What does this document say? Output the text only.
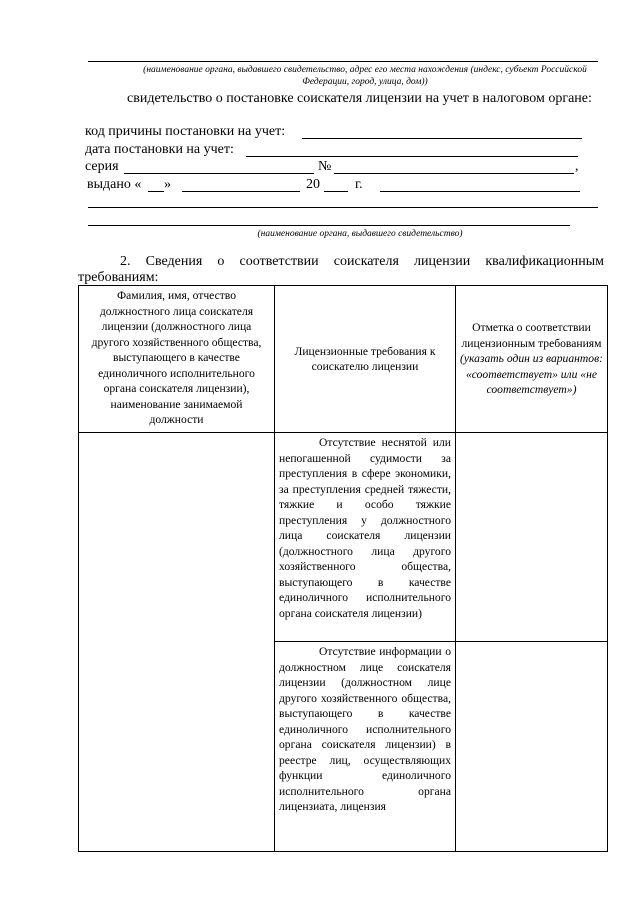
(наименование органа, выдавшего свидетельство, адрес его места нахождения (индекс, субъект Российской Федерации, город, улица, дом))
свидетельство о постановке соискателя лицензии на учет в налоговом органе:
код причины постановки на учет:
дата постановки на учет:
серия	№	,
выдано « »	20	г.
(наименование органа, выдавшего свидетельство)
2. Сведения о соответствии соискателя лицензии квалификационным требованиям:
Фамилия, имя, отчество должностного лица соискателя лицензии (должностного лица другого хозяйственного общества, выступающего в качестве единоличного исполнительного органа соискателя лицензии), наименование занимаемой должности	Лицензионные требования к соискателю лицензии	Отметка о соответствии лицензионным требованиям
(указать один из вариантов: «соответствует» или «не соответствует»)

	Отсутствие неснятой или непогашенной судимости за преступления в сфере экономики, за преступления средней тяжести, тяжкие и особо тяжкие преступления у должностного лица соискателя лицензии (должностного лица другого хозяйственного общества, выступающего в качестве единоличного исполнительного органа соискателя лицензии)	

	Отсутствие информации о должностном лице соискателя лицензии (должностном лице другого хозяйственного общества, выступающего в качестве единоличного исполнительного органа соискателя лицензии) в реестре лиц, осуществляющих функции единоличного исполнительного органа лицензиата, лицензия	
